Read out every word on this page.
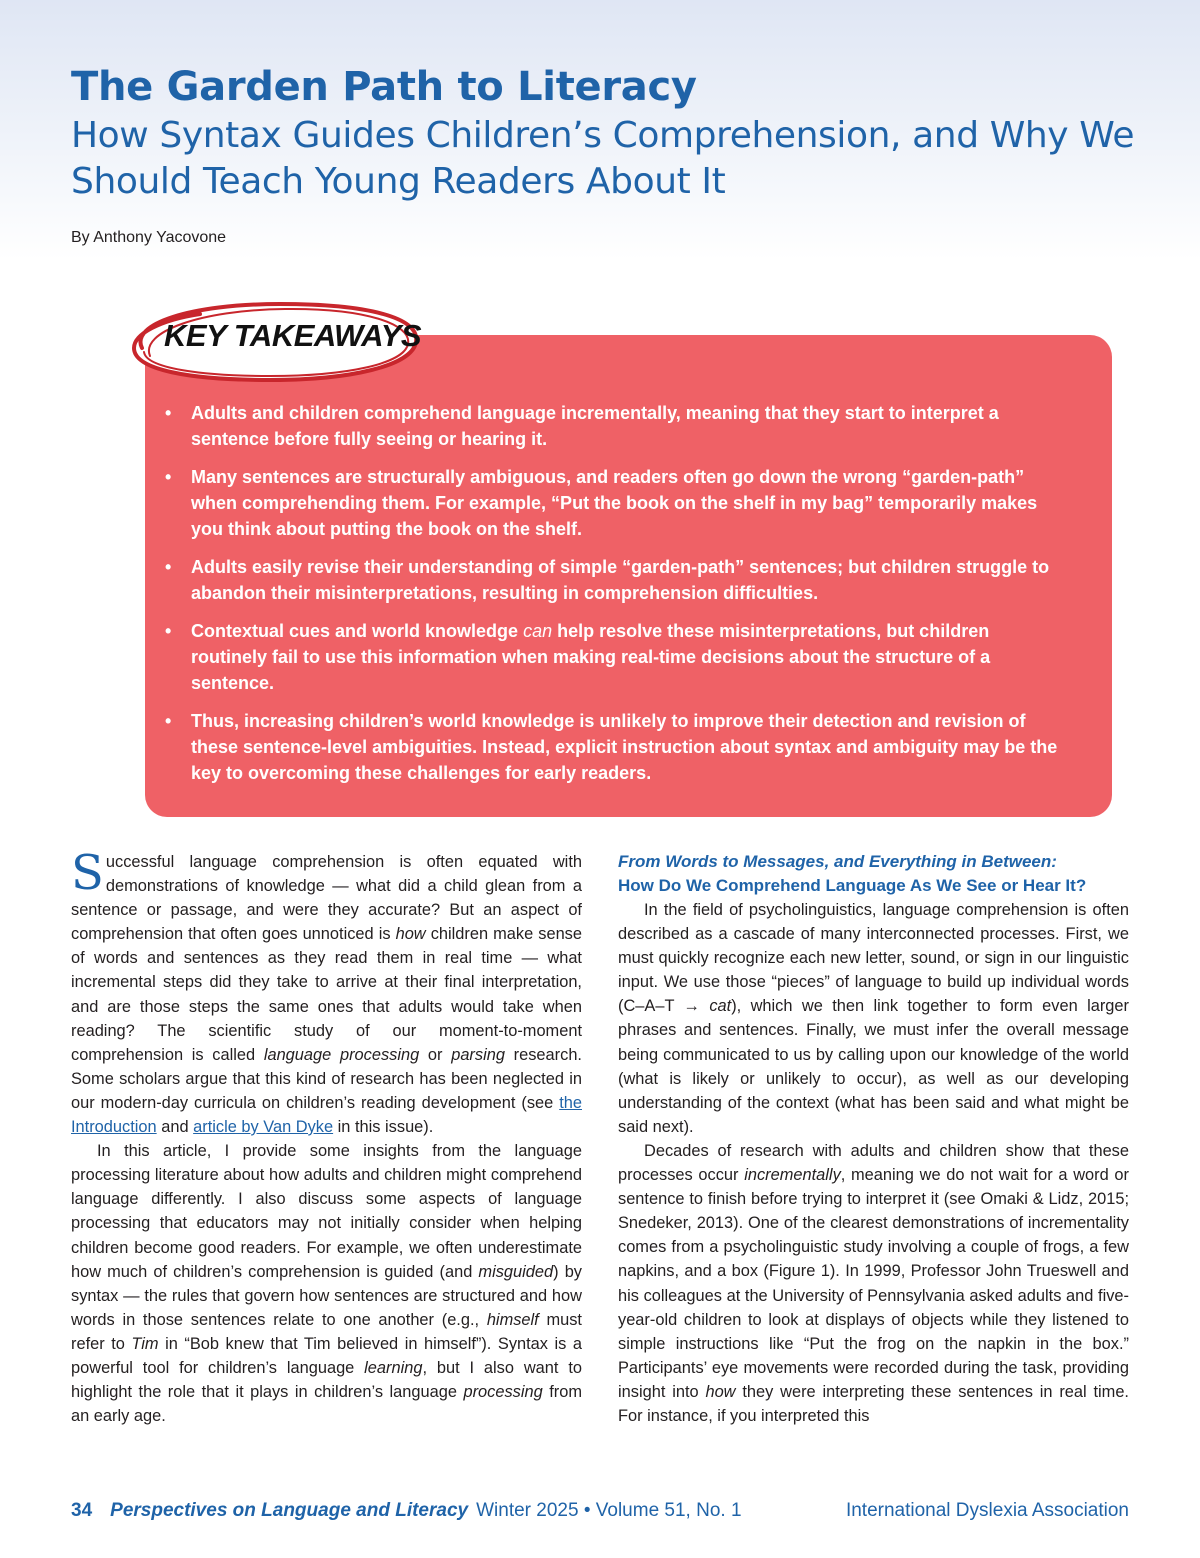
The Garden Path to Literacy
How Syntax Guides Children’s Comprehension, and Why We Should Teach Young Readers About It

By Anthony Yacovone

KEY TAKEAWAYS
• Adults and children comprehend language incrementally, meaning that they start to interpret a sentence before fully seeing or hearing it.
• Many sentences are structurally ambiguous, and readers often go down the wrong “garden-path” when comprehending them. For example, “Put the book on the shelf in my bag” temporarily makes you think about putting the book on the shelf.
• Adults easily revise their understanding of simple “garden-path” sentences; but children struggle to abandon their misinterpretations, resulting in comprehension difficulties.
• Contextual cues and world knowledge can help resolve these misinterpretations, but children routinely fail to use this information when making real-time decisions about the structure of a sentence.
• Thus, increasing children’s world knowledge is unlikely to improve their detection and revision of these sentence-level ambiguities. Instead, explicit instruction about syntax and ambiguity may be the key to overcoming these challenges for early readers.

Successful language comprehension is often equated with demonstrations of knowledge — what did a child glean from a sentence or passage, and were they accurate? But an aspect of comprehension that often goes unnoticed is how children make sense of words and sentences as they read them in real time — what incremental steps did they take to arrive at their final interpretation, and are those steps the same ones that adults would take when reading? The scientific study of our moment-to-moment comprehension is called language processing or parsing research. Some scholars argue that this kind of research has been neglected in our modern-day curricula on children’s reading development (see the Introduction and article by Van Dyke in this issue).

In this article, I provide some insights from the language processing literature about how adults and children might comprehend language differently. I also discuss some aspects of language processing that educators may not initially consider when helping children become good readers. For example, we often underestimate how much of children’s comprehension is guided (and misguided) by syntax — the rules that govern how sentences are structured and how words in those sentences relate to one another (e.g., himself must refer to Tim in “Bob knew that Tim believed in himself”). Syntax is a powerful tool for children’s language learning, but I also want to highlight the role that it plays in children’s language processing from an early age.

From Words to Messages, and Everything in Between:
How Do We Comprehend Language As We See or Hear It?

In the field of psycholinguistics, language comprehension is often described as a cascade of many interconnected processes. First, we must quickly recognize each new letter, sound, or sign in our linguistic input. We use those “pieces” of language to build up individual words (C–A–T → cat), which we then link together to form even larger phrases and sentences. Finally, we must infer the overall message being communicated to us by calling upon our knowledge of the world (what is likely or unlikely to occur), as well as our developing understanding of the context (what has been said and what might be said next).

Decades of research with adults and children show that these processes occur incrementally, meaning we do not wait for a word or sentence to finish before trying to interpret it (see Omaki & Lidz, 2015; Snedeker, 2013). One of the clearest demonstrations of incrementality comes from a psycholinguistic study involving a couple of frogs, a few napkins, and a box (Figure 1). In 1999, Professor John Trueswell and his colleagues at the University of Pennsylvania asked adults and five-year-old children to look at displays of objects while they listened to simple instructions like “Put the frog on the napkin in the box.” Participants’ eye movements were recorded during the task, providing insight into how they were interpreting these sentences in real time. For instance, if you interpreted this

34 Perspectives on Language and Literacy Winter 2025 • Volume 51, No. 1	International Dyslexia Association
